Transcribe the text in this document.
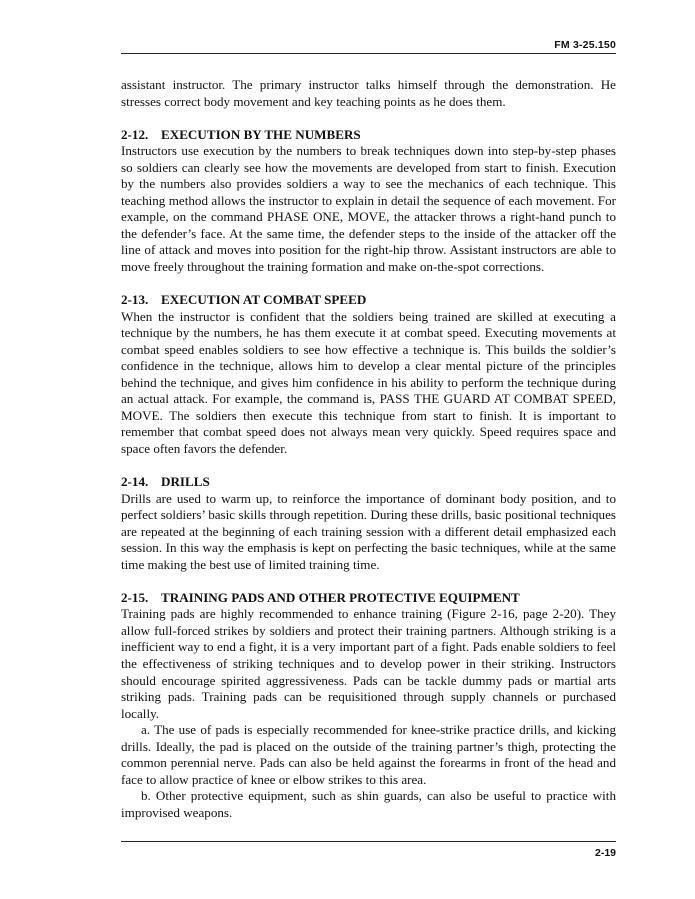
FM 3-25.150

assistant instructor. The primary instructor talks himself through the demonstration. He stresses correct body movement and key teaching points as he does them.

2-12. EXECUTION BY THE NUMBERS

Instructors use execution by the numbers to break techniques down into step-by-step phases so soldiers can clearly see how the movements are developed from start to finish. Execution by the numbers also provides soldiers a way to see the mechanics of each technique. This teaching method allows the instructor to explain in detail the sequence of each movement. For example, on the command PHASE ONE, MOVE, the attacker throws a right-hand punch to the defender’s face. At the same time, the defender steps to the inside of the attacker off the line of attack and moves into position for the right-hip throw. Assistant instructors are able to move freely throughout the training formation and make on-the-spot corrections.

2-13. EXECUTION AT COMBAT SPEED

When the instructor is confident that the soldiers being trained are skilled at executing a technique by the numbers, he has them execute it at combat speed. Executing movements at combat speed enables soldiers to see how effective a technique is. This builds the soldier’s confidence in the technique, allows him to develop a clear mental picture of the principles behind the technique, and gives him confidence in his ability to perform the technique during an actual attack. For example, the command is, PASS THE GUARD AT COMBAT SPEED, MOVE. The soldiers then execute this technique from start to finish. It is important to remember that combat speed does not always mean very quickly. Speed requires space and space often favors the defender.

2-14. DRILLS

Drills are used to warm up, to reinforce the importance of dominant body position, and to perfect soldiers’ basic skills through repetition. During these drills, basic positional techniques are repeated at the beginning of each training session with a different detail emphasized each session. In this way the emphasis is kept on perfecting the basic techniques, while at the same time making the best use of limited training time.

2-15. TRAINING PADS AND OTHER PROTECTIVE EQUIPMENT

Training pads are highly recommended to enhance training (Figure 2-16, page 2-20). They allow full-forced strikes by soldiers and protect their training partners. Although striking is a inefficient way to end a fight, it is a very important part of a fight. Pads enable soldiers to feel the effectiveness of striking techniques and to develop power in their striking. Instructors should encourage spirited aggressiveness. Pads can be tackle dummy pads or martial arts striking pads. Training pads can be requisitioned through supply channels or purchased locally.

a. The use of pads is especially recommended for knee-strike practice drills, and kicking drills. Ideally, the pad is placed on the outside of the training partner’s thigh, protecting the common perennial nerve. Pads can also be held against the forearms in front of the head and face to allow practice of knee or elbow strikes to this area.

b. Other protective equipment, such as shin guards, can also be useful to practice with improvised weapons.

2-19
